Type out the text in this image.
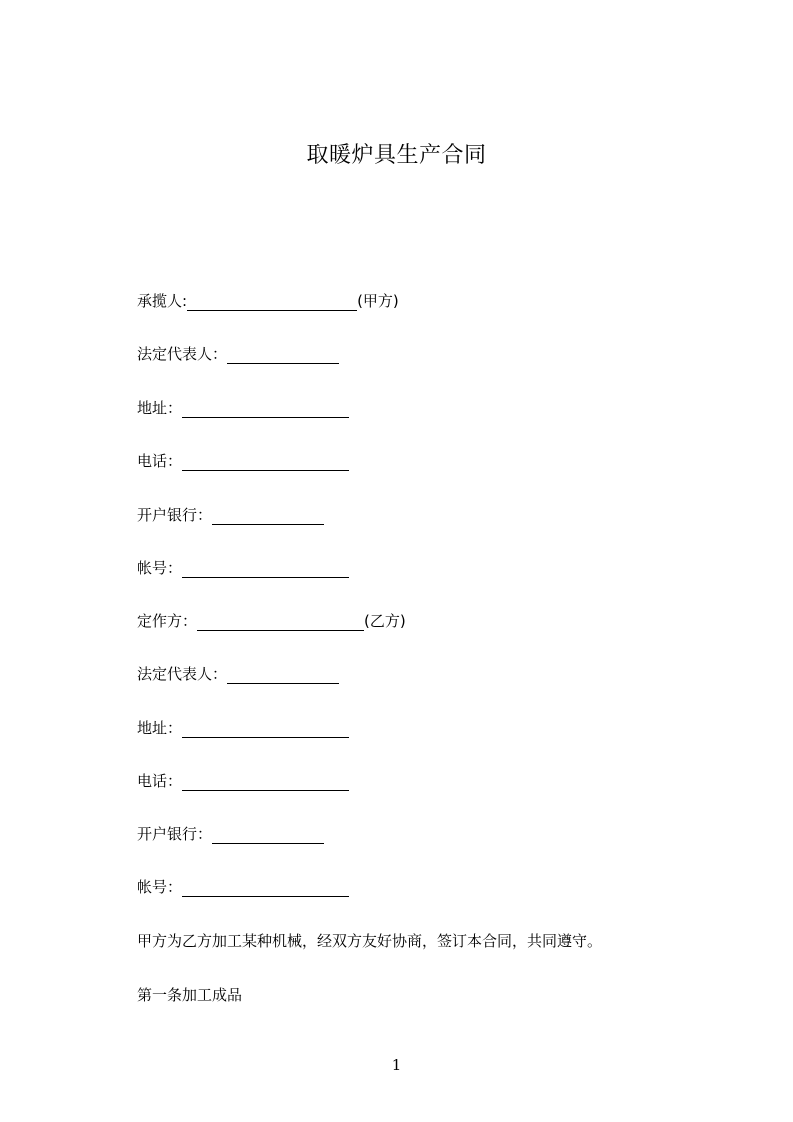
取暖炉具生产合同
承揽人:	(甲方)
法定代表人：
地址：
电话：
开户银行：
帐号：
定作方：	(乙方)
法定代表人：
地址：
电话：
开户银行：
帐号：
甲方为乙方加工某种机械，经双方友好协商，签订本合同，共同遵守。
第一条加工成品
1
